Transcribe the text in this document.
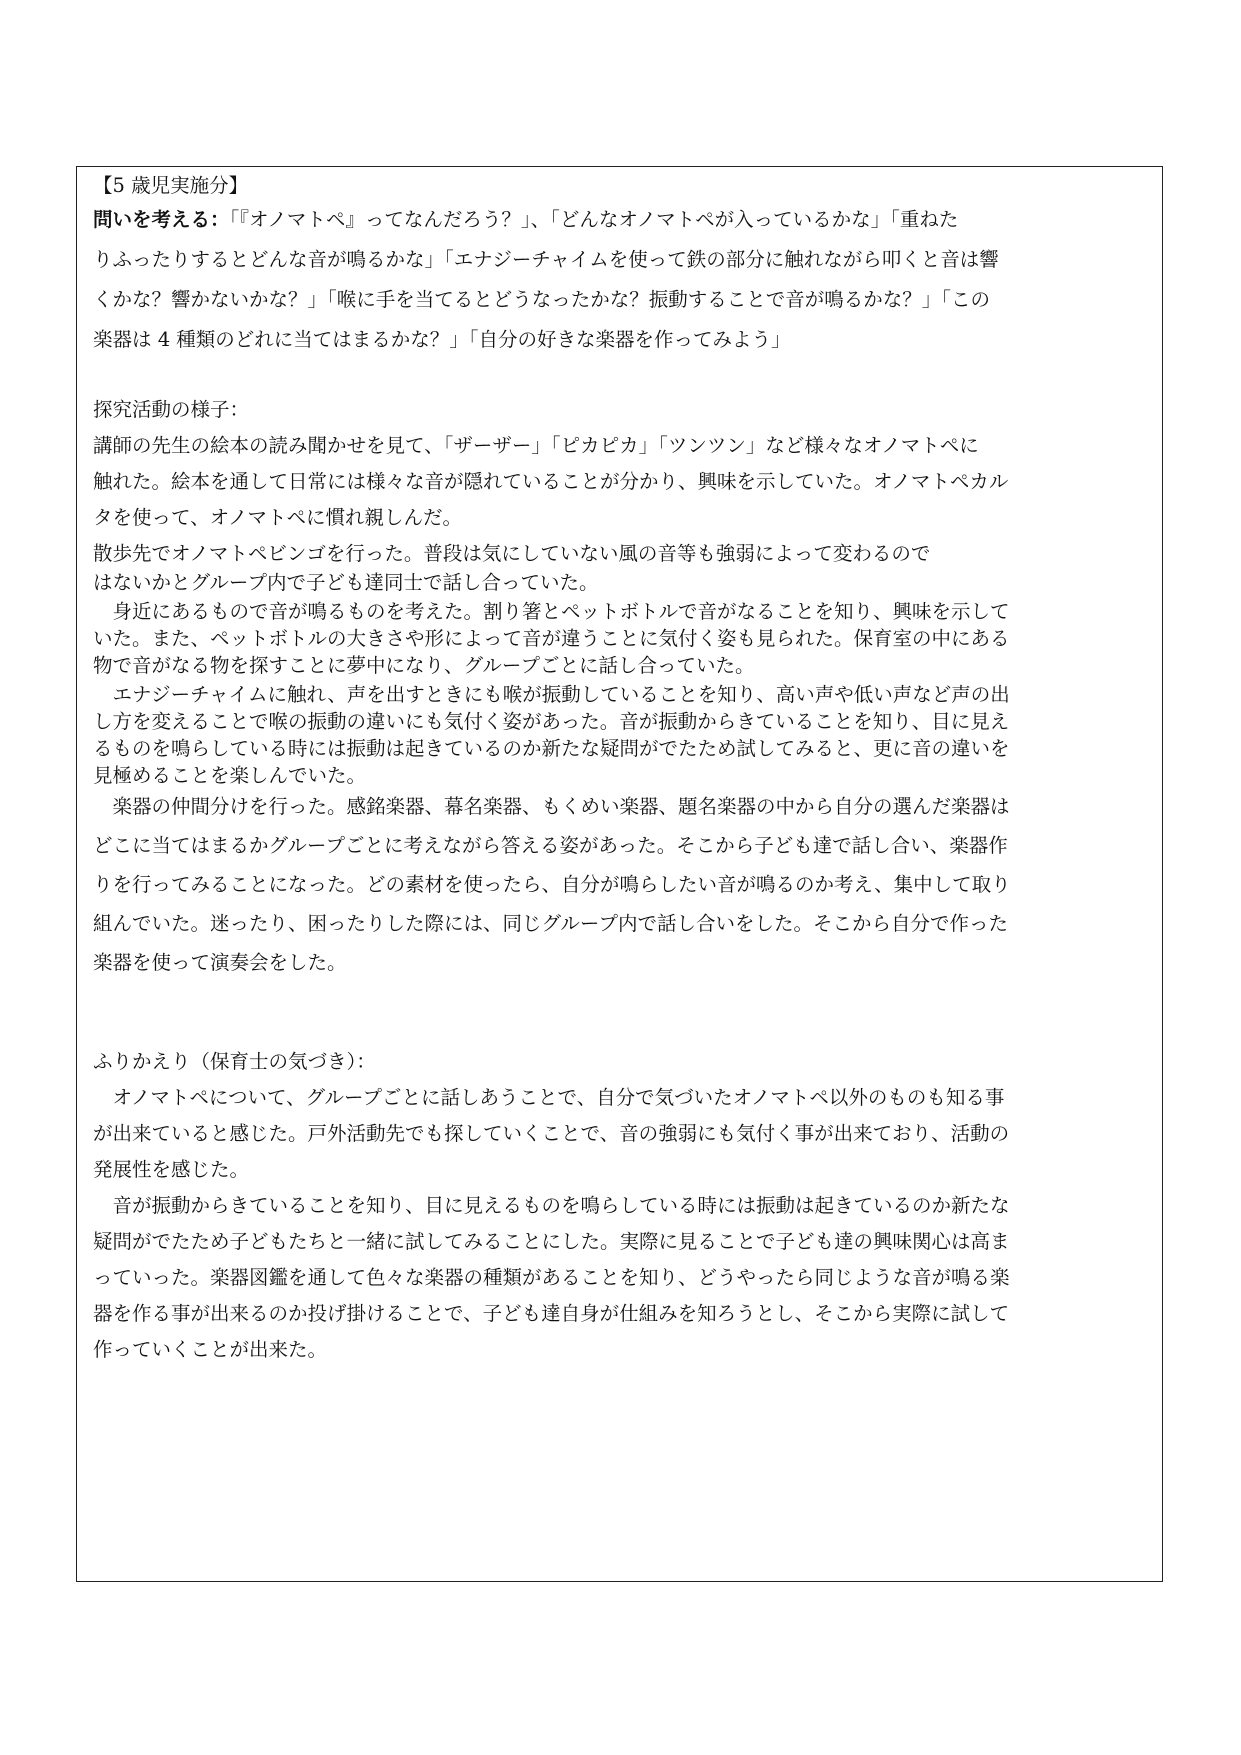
【5 歳児実施分】
問いを考える：「『オノマトペ』ってなんだろう？」、「どんなオノマトペが入っているかな」「重ねた
りふったりするとどんな音が鳴るかな」「エナジーチャイムを使って鉄の部分に触れながら叩くと音は響
くかな？響かないかな？」「喉に手を当てるとどうなったかな？振動することで音が鳴るかな？」「この
楽器は 4 種類のどれに当てはまるかな？」「自分の好きな楽器を作ってみよう」
探究活動の様子：
講師の先生の絵本の読み聞かせを見て、「ザーザー」「ピカピカ」「ツンツン」など様々なオノマトペに
触れた。絵本を通して日常には様々な音が隠れていることが分かり、興味を示していた。オノマトペカル
タを使って、オノマトペに慣れ親しんだ。
散歩先でオノマトペビンゴを行った。普段は気にしていない風の音等も強弱によって変わるので
はないかとグループ内で子ども達同士で話し合っていた。
　身近にあるもので音が鳴るものを考えた。割り箸とペットボトルで音がなることを知り、興味を示して
いた。また、ペットボトルの大きさや形によって音が違うことに気付く姿も見られた。保育室の中にある
物で音がなる物を探すことに夢中になり、グループごとに話し合っていた。
　エナジーチャイムに触れ、声を出すときにも喉が振動していることを知り、高い声や低い声など声の出
し方を変えることで喉の振動の違いにも気付く姿があった。音が振動からきていることを知り、目に見え
るものを鳴らしている時には振動は起きているのか新たな疑問がでたため試してみると、更に音の違いを
見極めることを楽しんでいた。
　楽器の仲間分けを行った。感銘楽器、幕名楽器、もくめい楽器、題名楽器の中から自分の選んだ楽器は
どこに当てはまるかグループごとに考えながら答える姿があった。そこから子ども達で話し合い、楽器作
りを行ってみることになった。どの素材を使ったら、自分が鳴らしたい音が鳴るのか考え、集中して取り
組んでいた。迷ったり、困ったりした際には、同じグループ内で話し合いをした。そこから自分で作った
楽器を使って演奏会をした。
ふりかえり（保育士の気づき）：
　オノマトペについて、グループごとに話しあうことで、自分で気づいたオノマトペ以外のものも知る事
が出来ていると感じた。戸外活動先でも探していくことで、音の強弱にも気付く事が出来ており、活動の
発展性を感じた。
　音が振動からきていることを知り、目に見えるものを鳴らしている時には振動は起きているのか新たな
疑問がでたため子どもたちと一緒に試してみることにした。実際に見ることで子ども達の興味関心は高ま
っていった。楽器図鑑を通して色々な楽器の種類があることを知り、どうやったら同じような音が鳴る楽
器を作る事が出来るのか投げ掛けることで、子ども達自身が仕組みを知ろうとし、そこから実際に試して
作っていくことが出来た。
